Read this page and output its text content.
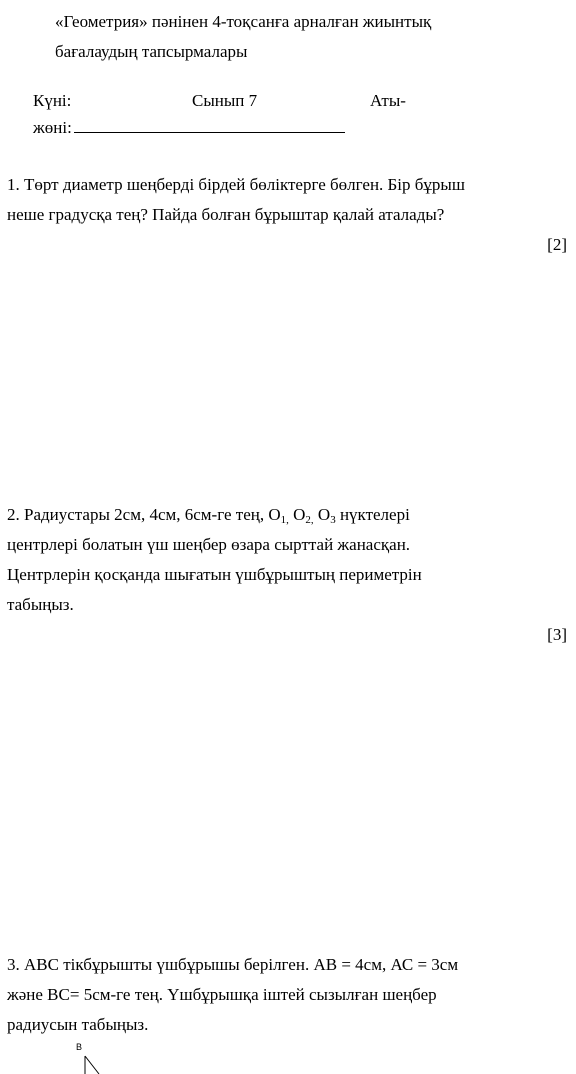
«Геометрия» пәнінен 4-тоқсанға арналған жиынтық
бағалаудың тапсырмалары
Күні:	Сынып 7	Аты-
жөні:
1. Төрт диаметр шеңберді бірдей бөліктерге бөлген. Бір бұрыш
неше градусқа тең? Пайда болған бұрыштар қалай аталады?
[2]
2. Радиустары 2см, 4см, 6см-ге тең, $O_{1,}$ $O_{2,}$ $O_3$ нүктелері
центрлері болатын үш шеңбер өзара сырттай жанасқан.
Центрлерін қосқанда шығатын үшбұрыштың периметрін
табыңыз.
[3]
3. АВС тікбұрышты үшбұрышы берілген. АВ = 4см, АС = 3см
және ВС= 5см-ге тең. Үшбұрышқа іштей сызылған шеңбер
радиусын табыңыз.
B
